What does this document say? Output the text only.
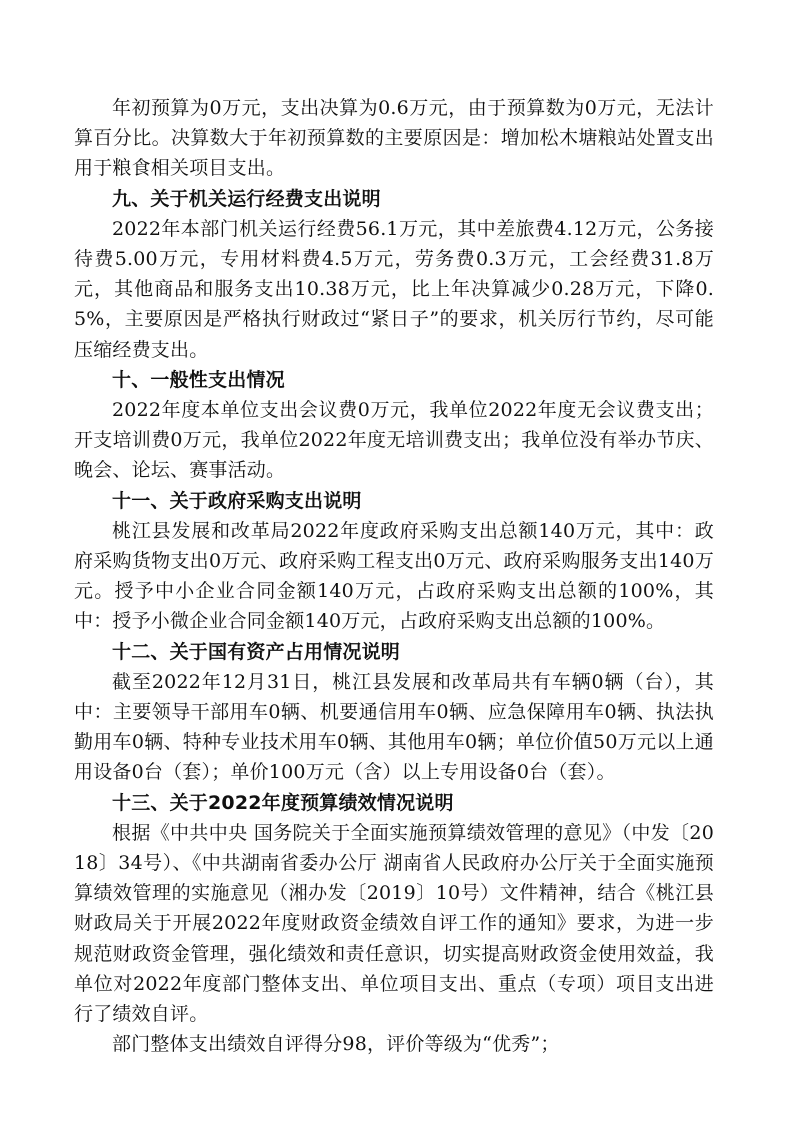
年初预算为0万元，支出决算为0.6万元，由于预算数为0万元，无法计算百分比。决算数大于年初预算数的主要原因是：增加松木塘粮站处置支出用于粮食相关项目支出。

九、关于机关运行经费支出说明

2022年本部门机关运行经费56.1万元，其中差旅费4.12万元，公务接待费5.00万元，专用材料费4.5万元，劳务费0.3万元，工会经费31.8万元，其他商品和服务支出10.38万元，比上年决算减少0.28万元，下降0.5%，主要原因是严格执行财政过“紧日子”的要求，机关厉行节约，尽可能压缩经费支出。

十、一般性支出情况

2022年度本单位支出会议费0万元，我单位2022年度无会议费支出；开支培训费0万元，我单位2022年度无培训费支出；我单位没有举办节庆、晚会、论坛、赛事活动。

十一、关于政府采购支出说明

桃江县发展和改革局2022年度政府采购支出总额140万元，其中：政府采购货物支出0万元、政府采购工程支出0万元、政府采购服务支出140万元。授予中小企业合同金额140万元，占政府采购支出总额的100%，其中：授予小微企业合同金额140万元，占政府采购支出总额的100%。

十二、关于国有资产占用情况说明

截至2022年12月31日，桃江县发展和改革局共有车辆0辆（台），其中：主要领导干部用车0辆、机要通信用车0辆、应急保障用车0辆、执法执勤用车0辆、特种专业技术用车0辆、其他用车0辆；单位价值50万元以上通用设备0台（套）；单价100万元（含）以上专用设备0台（套）。

十三、关于2022年度预算绩效情况说明

根据《中共中央 国务院关于全面实施预算绩效管理的意见》（中发〔2018〕34号）、《中共湖南省委办公厅 湖南省人民政府办公厅关于全面实施预算绩效管理的实施意见（湘办发〔2019〕10号）文件精神，结合《桃江县财政局关于开展2022年度财政资金绩效自评工作的通知》要求，为进一步规范财政资金管理，强化绩效和责任意识，切实提高财政资金使用效益，我单位对2022年度部门整体支出、单位项目支出、重点（专项）项目支出进行了绩效自评。

部门整体支出绩效自评得分98，评价等级为“优秀”；
